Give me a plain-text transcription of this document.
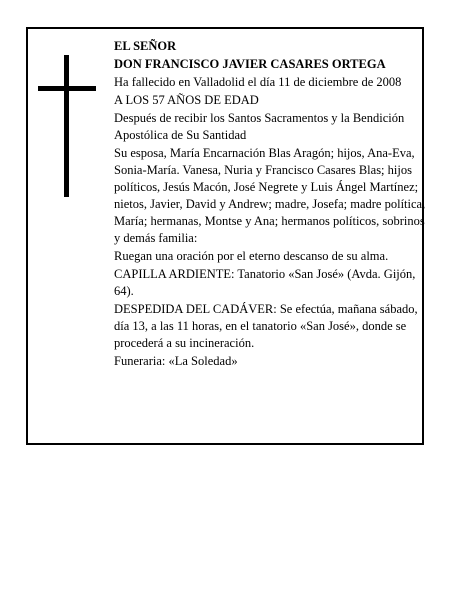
EL SEÑOR

DON FRANCISCO JAVIER CASARES ORTEGA

Ha fallecido en Valladolid el día 11 de diciembre de 2008

A LOS 57 AÑOS DE EDAD

Después de recibir los Santos Sacramentos y la Bendición Apostólica de Su Santidad

Su esposa, María Encarnación Blas Aragón; hijos, Ana-Eva, Sonia-María. Vanesa, Nuria y Francisco Casares Blas; hijos políticos, Jesús Macón, José Negrete y Luis Ángel Martínez; nietos, Javier, David y Andrew; madre, Josefa; madre política, María; hermanas, Montse y Ana; hermanos políticos, sobrinos y demás familia:

Ruegan una oración por el eterno descanso de su alma.

CAPILLA ARDIENTE: Tanatorio «San José» (Avda. Gijón, 64).

DESPEDIDA DEL CADÁVER: Se efectúa, mañana sábado, día 13, a las 11 horas, en el tanatorio «San José», donde se procederá a su incineración.

Funeraria: «La Soledad»
